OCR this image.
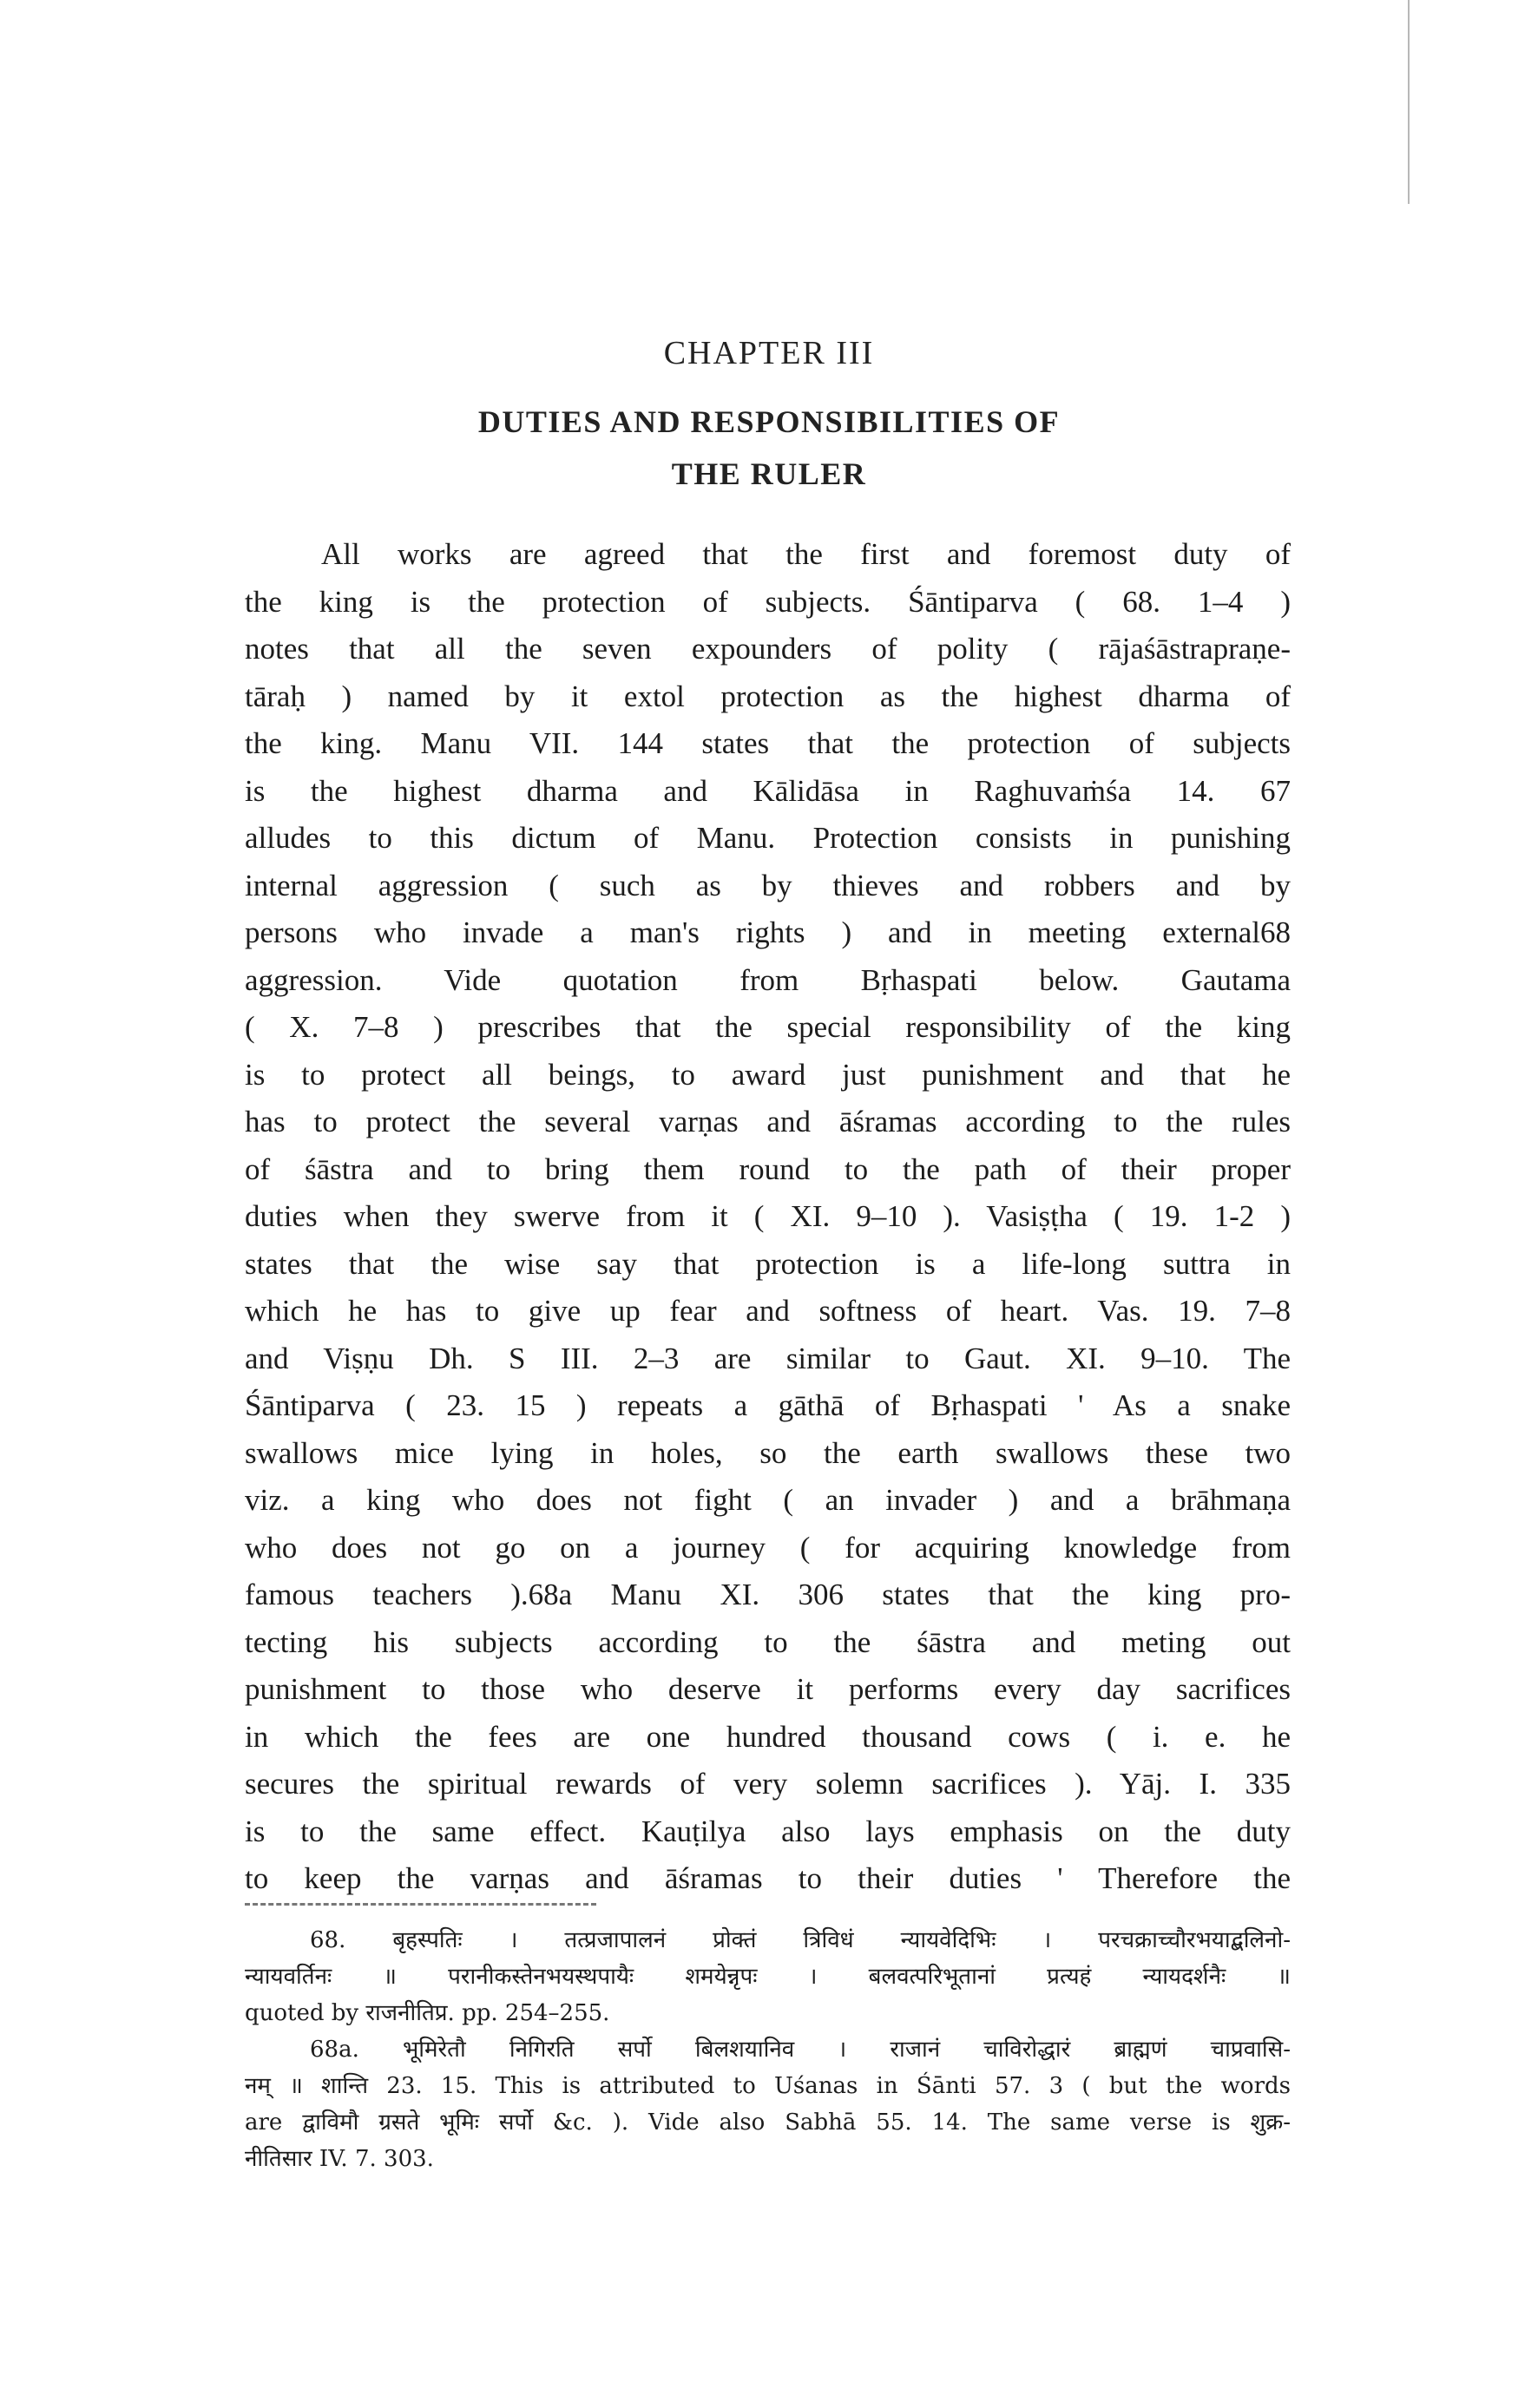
CHAPTER III
DUTIES AND RESPONSIBILITIES OF
THE RULER
All works are agreed that the first and foremost duty of
the king is the protection of subjects. Śāntiparva ( 68. 1–4 )
notes that all the seven expounders of polity ( rājaśāstrapraṇe-
tāraḥ ) named by it extol protection as the highest dharma of
the king. Manu VII. 144 states that the protection of subjects
is the highest dharma and Kālidāsa in Raghuvaṁśa 14. 67
alludes to this dictum of Manu. Protection consists in punishing
internal aggression ( such as by thieves and robbers and by
persons who invade a man's rights ) and in meeting external68
aggression. Vide quotation from Bṛhaspati below. Gautama
( X. 7–8 ) prescribes that the special responsibility of the king
is to protect all beings, to award just punishment and that he
has to protect the several varṇas and āśramas according to the rules
of śāstra and to bring them round to the path of their proper
duties when they swerve from it ( XI. 9–10 ). Vasiṣṭha ( 19. 1-2 )
states that the wise say that protection is a life-long suttra in
which he has to give up fear and softness of heart. Vas. 19. 7–8
and Viṣṇu Dh. S III. 2–3 are similar to Gaut. XI. 9–10. The
Śāntiparva ( 23. 15 ) repeats a gāthā of Bṛhaspati ' As a snake
swallows mice lying in holes, so the earth swallows these two
viz. a king who does not fight ( an invader ) and a brāhmaṇa
who does not go on a journey ( for acquiring knowledge from
famous teachers ).68a Manu XI. 306 states that the king pro-
tecting his subjects according to the śāstra and meting out
punishment to those who deserve it performs every day sacrifices
in which the fees are one hundred thousand cows ( i. e. he
secures the spiritual rewards of very solemn sacrifices ). Yāj. I. 335
is to the same effect. Kauṭilya also lays emphasis on the duty
to keep the varṇas and āśramas to their duties ' Therefore the
68. बृहस्पतिः । तत्प्रजापालनं प्रोक्तं त्रिविधं न्यायवेदिभिः । परचक्राच्चौरभयाद्बलिनो-
न्यायवर्तिनः ॥ परानीकस्तेनभयस्थपायैः शमयेन्नृपः । बलवत्परिभूतानां प्रत्यहं न्यायदर्शनैः ॥
quoted by राजनीतिप्र. pp. 254–255.
68a. भूमिरेतौ निगिरति सर्पो बिलशयानिव । राजानं चाविरोद्धारं ब्राह्मणं चाप्रवासि-
नम् ॥ शान्ति 23. 15. This is attributed to Uśanas in Śānti 57. 3 ( but the words
are द्वाविमौ ग्रसते भूमिः सर्पो &c. ). Vide also Sabhā 55. 14. The same verse is शुक्र-
नीतिसार IV. 7. 303.
